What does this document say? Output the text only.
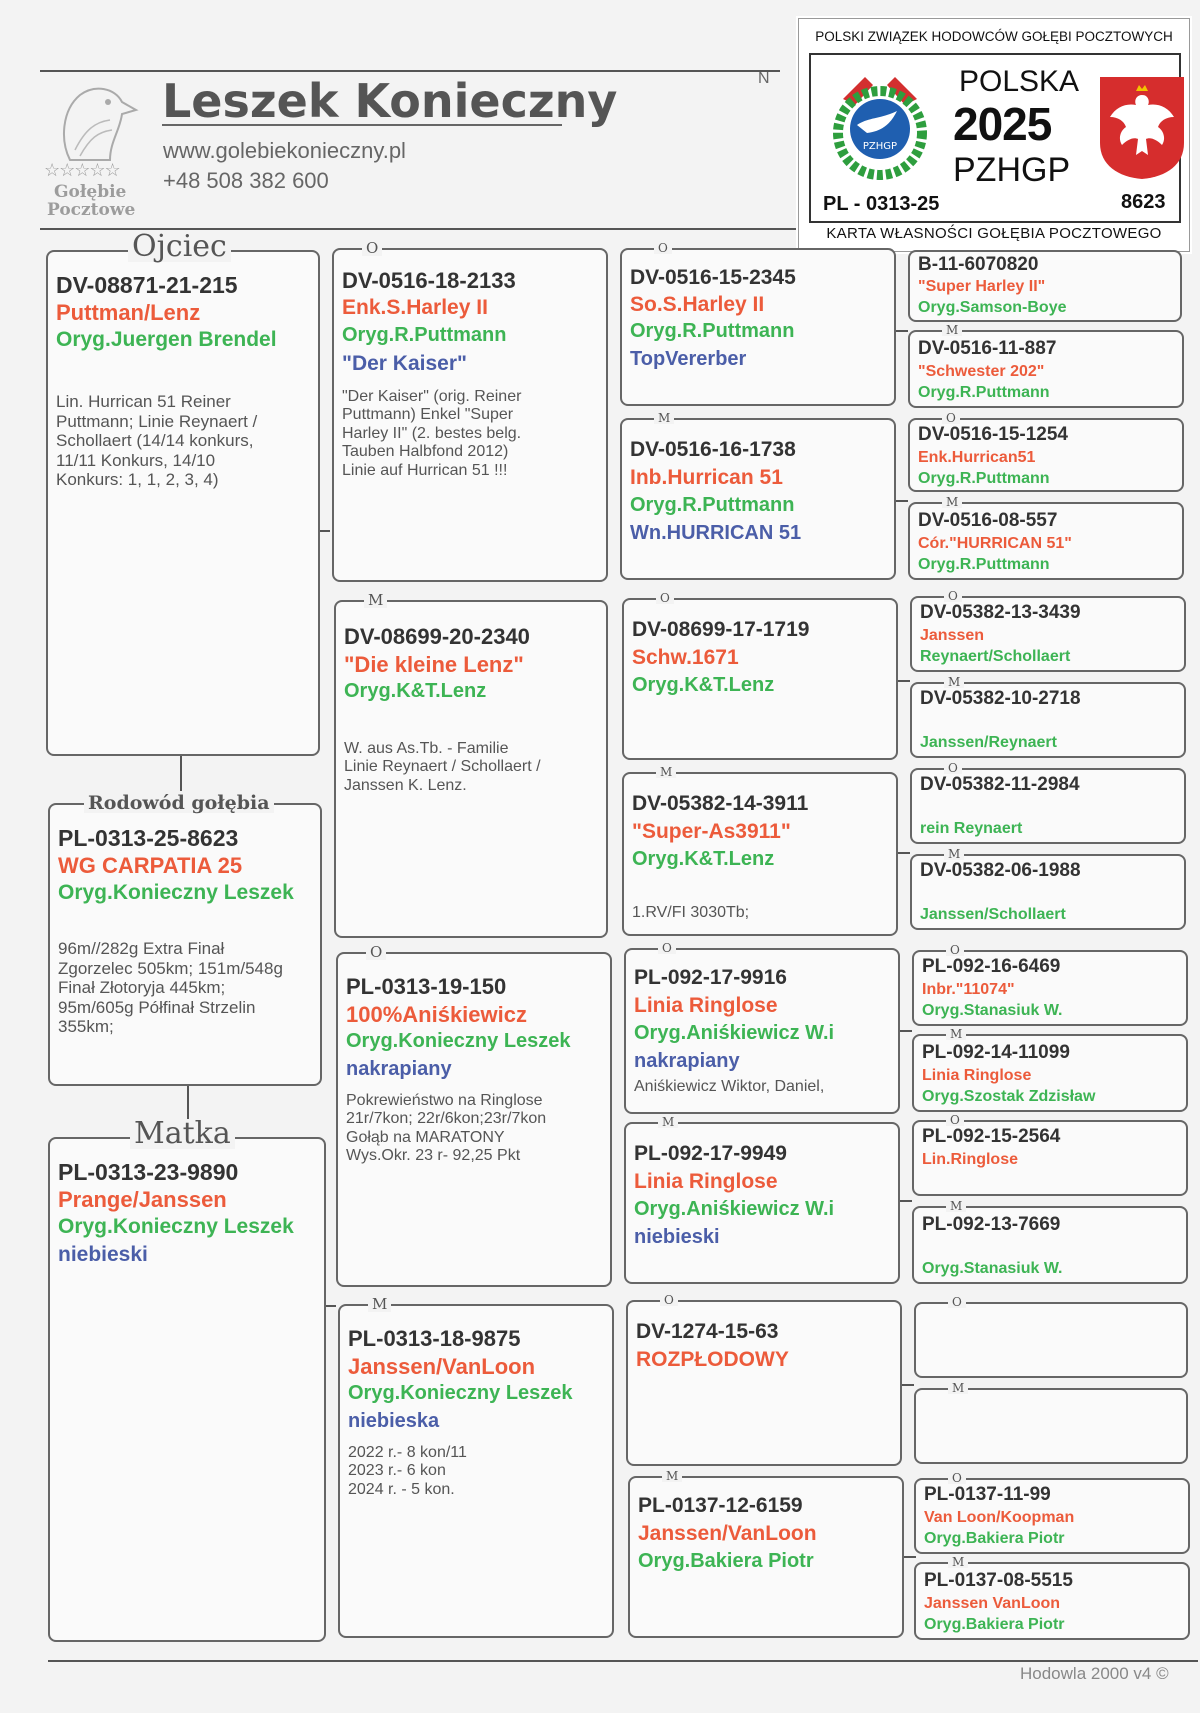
☆☆☆☆☆
Gołębie
Pocztowe
Leszek Konieczny
www.golebiekonieczny.pl
+48 508 382 600
N
POLSKI ZWIĄZEK HODOWCÓW GOŁĘBI POCZTOWYCH
PZHGP
POLSKA
2025
PZHGP
PL - 0313-25	8623
KARTA WŁASNOŚCI GOŁĘBIA POCZTOWEGO
Ojciec
DV-08871-21-215
Puttman/Lenz
Oryg.Juergen Brendel
Lin. Hurrican 51 Reiner
Puttmann; Linie Reynaert /
Schollaert (14/14 konkurs,
11/11 Konkurs, 14/10
Konkurs: 1, 1, 2, 3, 4)
Rodowód gołębia
PL-0313-25-8623
WG CARPATIA 25
Oryg.Konieczny Leszek
96m//282g Extra Finał
Zgorzelec 505km; 151m/548g
Finał Złotoryja 445km;
95m/605g Półfinał Strzelin
355km;
Matka
PL-0313-23-9890
Prange/Janssen
Oryg.Konieczny Leszek
niebieski
O
DV-0516-18-2133
Enk.S.Harley II
Oryg.R.Puttmann
"Der Kaiser"
"Der Kaiser" (orig. Reiner
Puttmann) Enkel "Super
Harley II" (2. bestes belg.
Tauben Halbfond 2012)
Linie auf Hurrican 51 !!!
M
DV-08699-20-2340
"Die kleine Lenz"
Oryg.K&T.Lenz
W. aus As.Tb. - Familie
Linie Reynaert / Schollaert /
Janssen K. Lenz.
O
PL-0313-19-150
100%Aniśkiewicz
Oryg.Konieczny Leszek
nakrapiany
Pokrewieństwo na Ringlose
21r/7kon; 22r/6kon;23r/7kon
Gołąb na MARATONY
Wys.Okr. 23 r- 92,25 Pkt
M
PL-0313-18-9875
Janssen/VanLoon
Oryg.Konieczny Leszek
niebieska
2022 r.- 8 kon/11
2023 r.- 6 kon
2024 r. - 5 kon.
O
DV-0516-15-2345
So.S.Harley II
Oryg.R.Puttmann
TopVererber
M
DV-0516-16-1738
Inb.Hurrican 51
Oryg.R.Puttmann
Wn.HURRICAN 51
O
DV-08699-17-1719
Schw.1671
Oryg.K&T.Lenz
M
DV-05382-14-3911
"Super-As3911"
Oryg.K&T.Lenz
1.RV/FI 3030Tb;
O
PL-092-17-9916
Linia Ringlose
Oryg.Aniśkiewicz W.i
nakrapiany
Aniśkiewicz Wiktor, Daniel,
M
PL-092-17-9949
Linia Ringlose
Oryg.Aniśkiewicz W.i
niebieski
O
DV-1274-15-63
ROZPŁODOWY
M
PL-0137-12-6159
Janssen/VanLoon
Oryg.Bakiera Piotr
B-11-6070820
"Super Harley II"
Oryg.Samson-Boye
M
DV-0516-11-887
"Schwester 202"
Oryg.R.Puttmann
O
DV-0516-15-1254
Enk.Hurrican51
Oryg.R.Puttmann
M
DV-0516-08-557
Cór."HURRICAN 51"
Oryg.R.Puttmann
O
DV-05382-13-3439
Janssen
Reynaert/Schollaert
M
DV-05382-10-2718
Janssen/Reynaert
O
DV-05382-11-2984
rein Reynaert
M
DV-05382-06-1988
Janssen/Schollaert
O
PL-092-16-6469
Inbr."11074"
Oryg.Stanasiuk W.
M
PL-092-14-11099
Linia Ringlose
Oryg.Szostak Zdzisław
O
PL-092-15-2564
Lin.Ringlose
M
PL-092-13-7669
Oryg.Stanasiuk W.
O
M
O
PL-0137-11-99
Van Loon/Koopman
Oryg.Bakiera Piotr
M
PL-0137-08-5515
Janssen VanLoon
Oryg.Bakiera Piotr
Hodowla 2000 v4 ©
